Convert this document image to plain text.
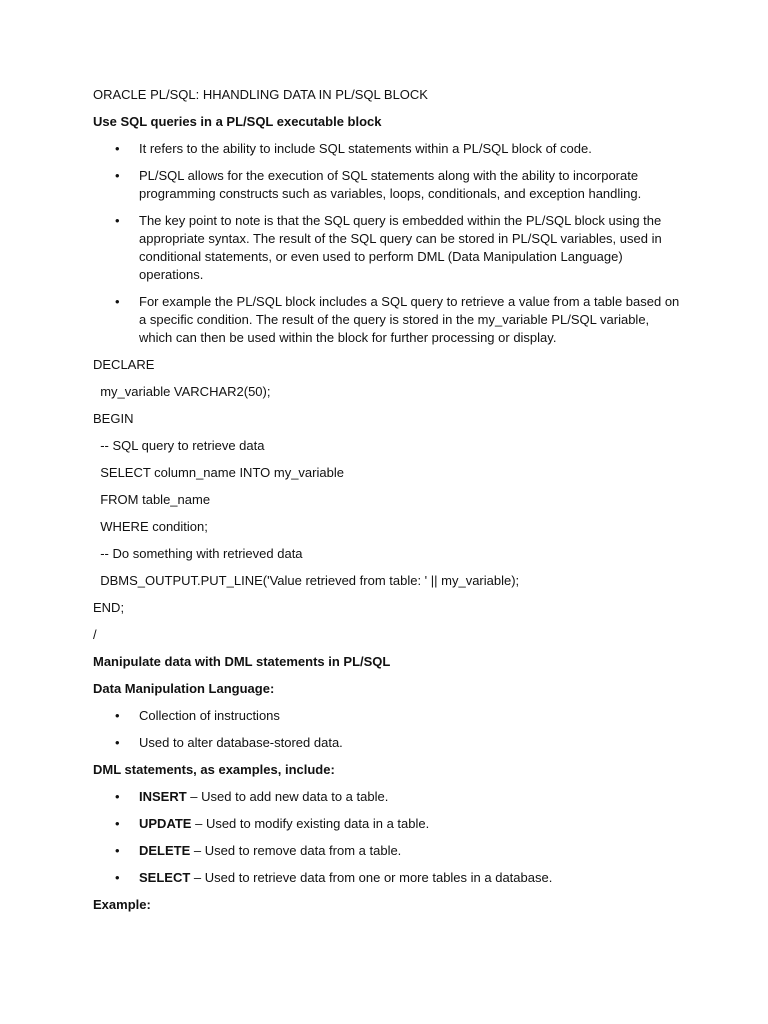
ORACLE PL/SQL: HHANDLING DATA IN PL/SQL BLOCK
Use SQL queries in a PL/SQL executable block
• It refers to the ability to include SQL statements within a PL/SQL block of code.
• PL/SQL allows for the execution of SQL statements along with the ability to incorporate programming constructs such as variables, loops, conditionals, and exception handling.
• The key point to note is that the SQL query is embedded within the PL/SQL block using the appropriate syntax. The result of the SQL query can be stored in PL/SQL variables, used in conditional statements, or even used to perform DML (Data Manipulation Language) operations.
• For example the PL/SQL block includes a SQL query to retrieve a value from a table based on a specific condition. The result of the query is stored in the my_variable PL/SQL variable, which can then be used within the block for further processing or display.
DECLARE
my_variable VARCHAR2(50);
BEGIN
-- SQL query to retrieve data
SELECT column_name INTO my_variable
FROM table_name
WHERE condition;
-- Do something with retrieved data
DBMS_OUTPUT.PUT_LINE('Value retrieved from table: ' || my_variable);
END;
/
Manipulate data with DML statements in PL/SQL
Data Manipulation Language:
• Collection of instructions
• Used to alter database-stored data.
DML statements, as examples, include:
• INSERT – Used to add new data to a table.
• UPDATE – Used to modify existing data in a table.
• DELETE – Used to remove data from a table.
• SELECT – Used to retrieve data from one or more tables in a database.
Example:
